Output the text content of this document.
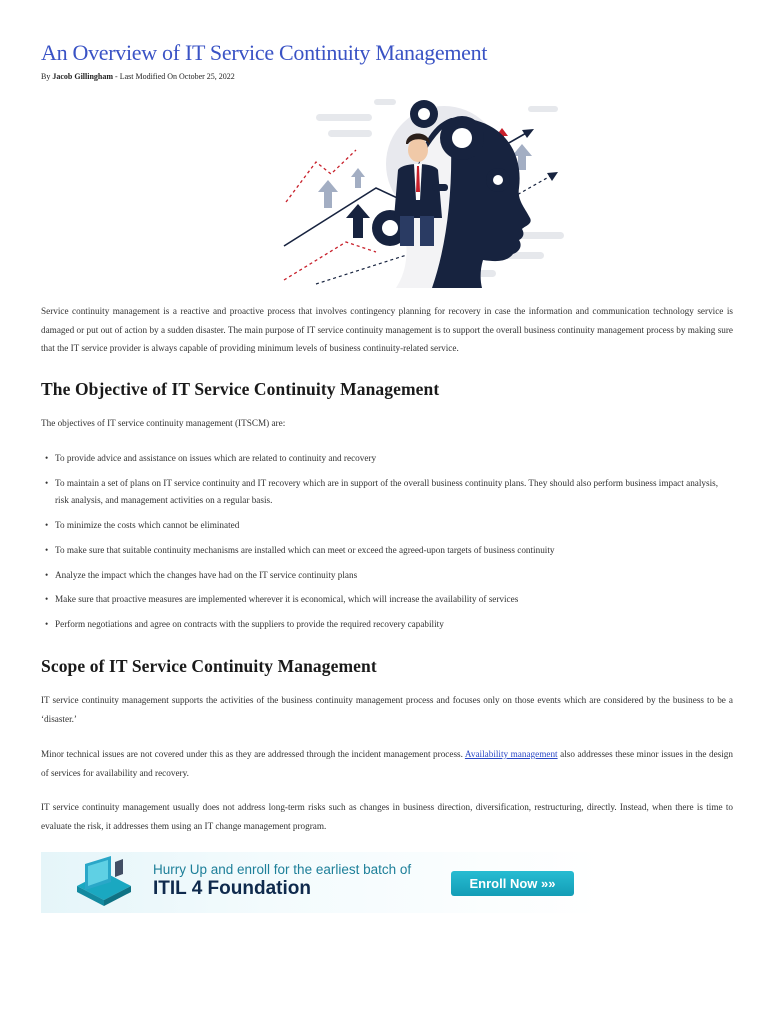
An Overview of IT Service Continuity Management
By Jacob Gillingham - Last Modified On October 25, 2022

Service continuity management is a reactive and proactive process that involves contingency planning for recovery in case the information and communication technology service is damaged or put out of action by a sudden disaster. The main purpose of IT service continuity management is to support the overall business continuity management process by making sure that the IT service provider is always capable of providing minimum levels of business continuity-related service.

The Objective of IT Service Continuity Management

The objectives of IT service continuity management (ITSCM) are:

• To provide advice and assistance on issues which are related to continuity and recovery
• To maintain a set of plans on IT service continuity and IT recovery which are in support of the overall business continuity plans. They should also perform business impact analysis, risk analysis, and management activities on a regular basis.
• To minimize the costs which cannot be eliminated
• To make sure that suitable continuity mechanisms are installed which can meet or exceed the agreed-upon targets of business continuity
• Analyze the impact which the changes have had on the IT service continuity plans
• Make sure that proactive measures are implemented wherever it is economical, which will increase the availability of services
• Perform negotiations and agree on contracts with the suppliers to provide the required recovery capability
Scope of IT Service Continuity Management

IT service continuity management supports the activities of the business continuity management process and focuses only on those events which are considered by the business to be a ‘disaster.’

Minor technical issues are not covered under this as they are addressed through the incident management process. Availability management also addresses these minor issues in the design of services for availability and recovery.

IT service continuity management usually does not address long-term risks such as changes in business direction, diversification, restructuring, directly. Instead, when there is time to evaluate the risk, it addresses them using an IT change management program.

Hurry Up and enroll for the earliest batch of
ITIL 4 Foundation	Enroll Now »»
